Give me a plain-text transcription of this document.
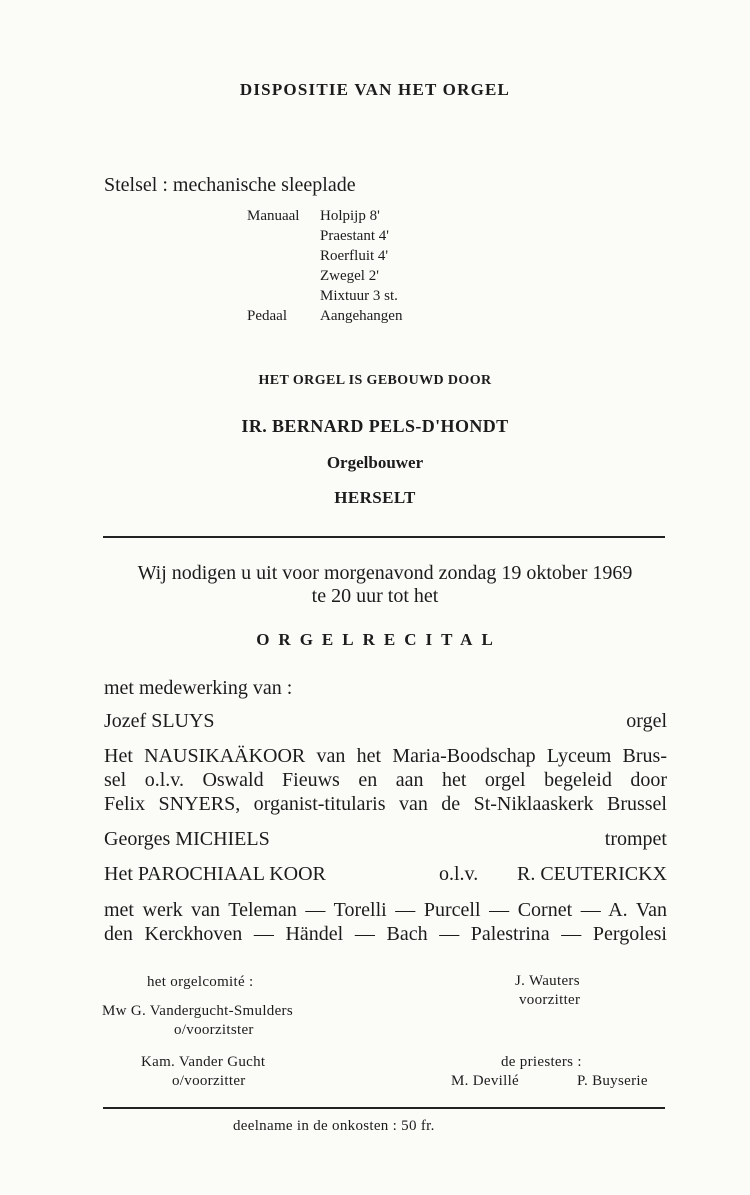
DISPOSITIE VAN HET ORGEL
Stelsel : mechanische sleeplade
Manuaal Holpijp 8'
Praestant 4'
Roerfluit 4'
Zwegel 2'
Mixtuur 3 st.
Pedaal Aangehangen
HET ORGEL IS GEBOUWD DOOR
IR. BERNARD PELS-D'HONDT
Orgelbouwer
HERSELT
Wij nodigen u uit voor morgenavond zondag 19 oktober 1969
te 20 uur tot het
ORGELRECITAL
met medewerking van :
Jozef SLUYS	orgel
Het NAUSIKAÄKOOR van het Maria-Boodschap Lyceum Brus-
sel o.l.v. Oswald Fieuws en aan het orgel begeleid door
Felix SNYERS, organist-titularis van de St-Niklaaskerk Brussel
Georges MICHIELS	trompet
Het PAROCHIAAL KOOR	o.l.v. R. CEUTERICKX
met werk van Teleman — Torelli — Purcell — Cornet — A. Van
den Kerckhoven — Händel — Bach — Palestrina — Pergolesi
het orgelcomité :
Mw G. Vandergucht-Smulders
o/voorzitster
Kam. Vander Gucht
o/voorzitter
J. Wauters
voorzitter
de priesters :
M. Devillé	P. Buyserie
deelname in de onkosten : 50 fr.
